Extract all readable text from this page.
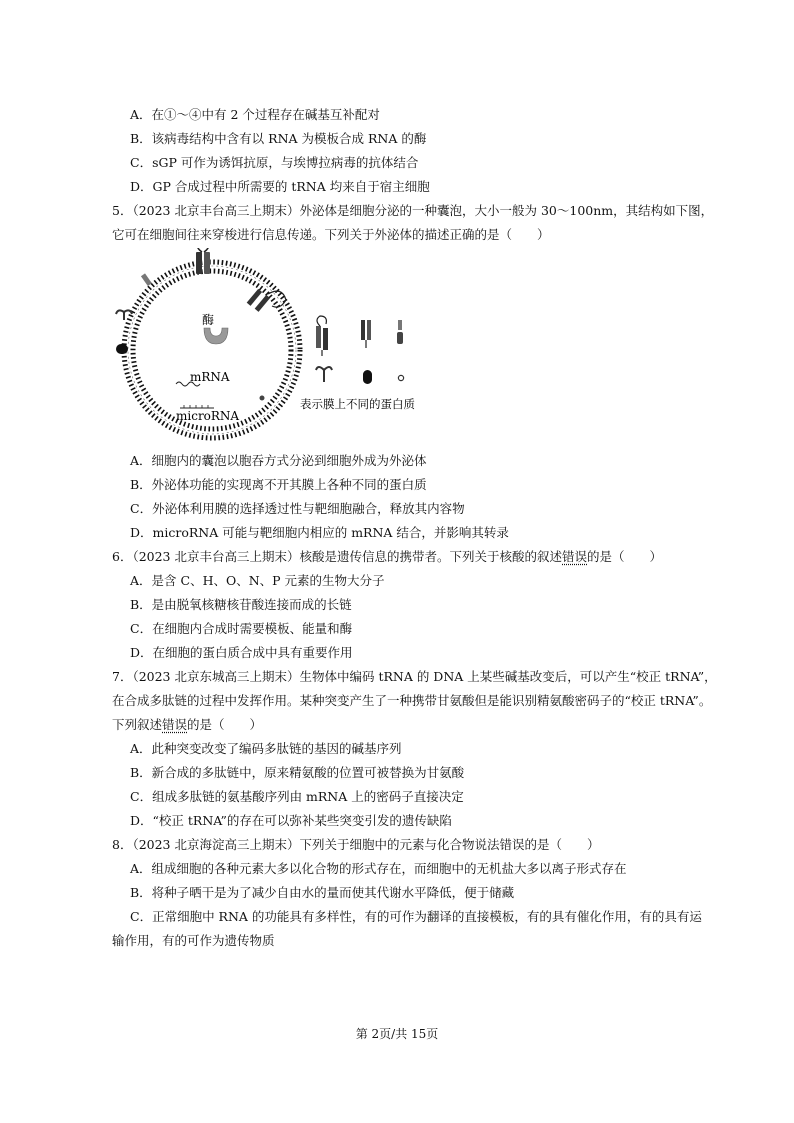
A．在①～④中有 2 个过程存在碱基互补配对
B．该病毒结构中含有以 RNA 为模板合成 RNA 的酶
C．sGP 可作为诱饵抗原，与埃博拉病毒的抗体结合
D．GP 合成过程中所需要的 tRNA 均来自于宿主细胞
5．（2023 北京丰台高三上期末）外泌体是细胞分泌的一种囊泡，大小一般为 30～100nm，其结构如下图，
它可在细胞间往来穿梭进行信息传递。下列关于外泌体的描述正确的是（　　）
酶
mRNA
microRNA
表示膜上不同的蛋白质
A．细胞内的囊泡以胞吞方式分泌到细胞外成为外泌体
B．外泌体功能的实现离不开其膜上各种不同的蛋白质
C．外泌体利用膜的选择透过性与靶细胞融合，释放其内容物
D．microRNA 可能与靶细胞内相应的 mRNA 结合，并影响其转录
6．（2023 北京丰台高三上期末）核酸是遗传信息的携带者。下列关于核酸的叙述错误的是（　　）
A．是含 C、H、O、N、P 元素的生物大分子
B．是由脱氧核糖核苷酸连接而成的长链
C．在细胞内合成时需要模板、能量和酶
D．在细胞的蛋白质合成中具有重要作用
7．（2023 北京东城高三上期末）生物体中编码 tRNA 的 DNA 上某些碱基改变后，可以产生“校正 tRNA”，
在合成多肽链的过程中发挥作用。某种突变产生了一种携带甘氨酸但是能识别精氨酸密码子的“校正 tRNA”。
下列叙述错误的是（　　）
A．此种突变改变了编码多肽链的基因的碱基序列
B．新合成的多肽链中，原来精氨酸的位置可被替换为甘氨酸
C．组成多肽链的氨基酸序列由 mRNA 上的密码子直接决定
D．“校正 tRNA”的存在可以弥补某些突变引发的遗传缺陷
8．（2023 北京海淀高三上期末）下列关于细胞中的元素与化合物说法错误的是（　　）
A．组成细胞的各种元素大多以化合物的形式存在，而细胞中的无机盐大多以离子形式存在
B．将种子晒干是为了减少自由水的量而使其代谢水平降低，便于储藏
C．正常细胞中 RNA 的功能具有多样性，有的可作为翻译的直接模板，有的具有催化作用，有的具有运
输作用，有的可作为遗传物质
第 2页/共 15页
